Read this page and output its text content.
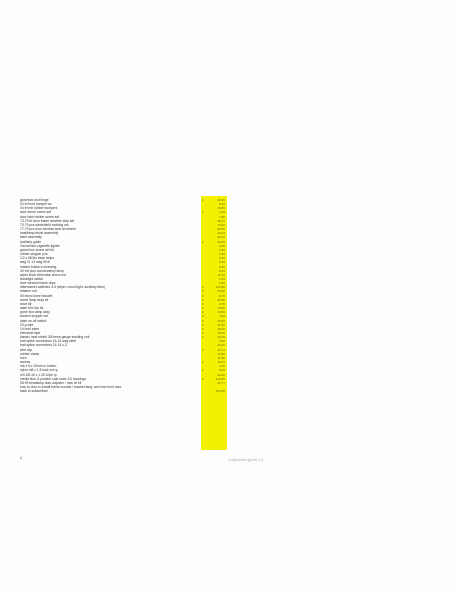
glovebox and hinge
04 trf front bumper ac
04 trf mtr rubber bumpers
door armor screw set
door latch striker screw set
73-79 trf door frame weather strip set
73-79 pcs windshield molding set
77-79 pcs door window seal w/chrome
headlamp bezel assembly
latch assembly
auxiliary guide
2nd sensor cigarette lighter
grand box screw set kit
rubber stopper pcs
1/2 x 68 lbs bean strips
wag 11 13 mag 5/16
marine button's screwing
40 mil pool conservatory lamp
wiper knob trim/valve screw nut
floodlight switch
door window frame clips
aftermarket switches 3-5 (wiper, mood light, auxiliary fans)
retainer nut
06 micro knee bracket
dome lamp assy kit
shoe kit
dash trim trip kit
glove box lamp assy
scratch stopper nut
dash on-off switch
20 g wire
1/4 end stem
electrical tape
classic heat shrink 3/8 temp gauge sending unit
butt splice connectors 16-14 awg steel
butt splice connectors 16-14 c-3
wire clip
rubber clamp
horn
screws
m6 x 5 x 20mm m button
nylon m8 x 1.5 lock nut rp
m3 3/8-16 x 1.25 10pk rp
media floor & powder coat used 1/4 housings
08-99 headlamp door adjuster / new ch kit
how to door to install frame moulds / bracket assy. and new front door
back to subscribed
2
2
2
2
2
2
2
2
2
2
2
2
2
2
2
2
2
2
2
2
29.95
8.33
15.85
3.49
7.98
38.11
79.00
89.95
42.03
16.49
10.59
4.45
3.99
1.49
8.49
3.49
4.56
8.44
12.79
2.49
3.99
139.95
13.59
8.75
35.45
4.75
15.80
13.80
4.99
16.99
21.50
16.00
15.90
16.29
4.58
22.60
10.11
14.99
11.96
15.01
4.15
9.59
29.26
112.95
22.77
300.95
4	Chipthewriter (jpeval 2.0)
